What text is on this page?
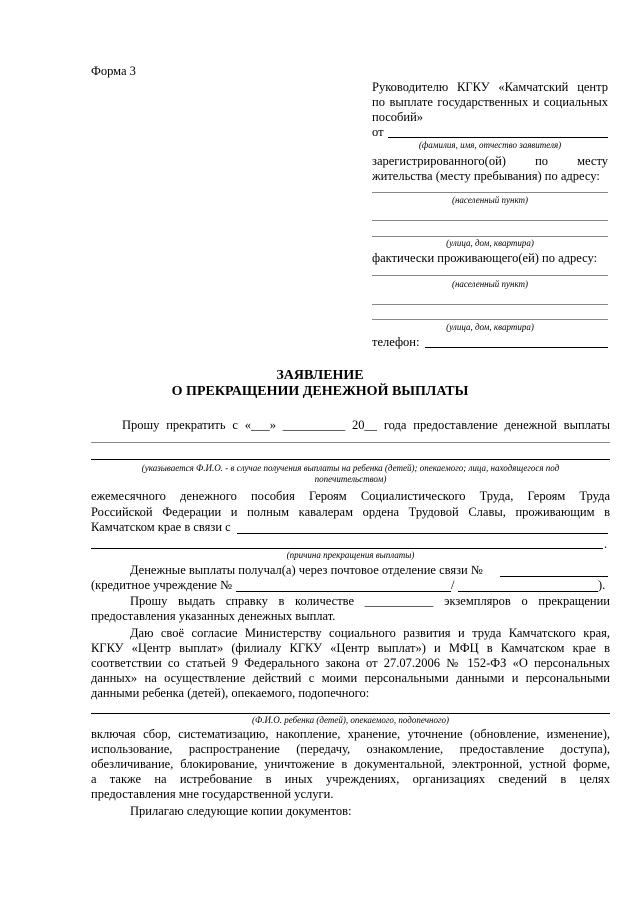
Форма 3
Руководителю КГКУ «Камчатский центр
по выплате государственных и социальных
пособий»
от
(фамилия, имя, отчество заявителя)
зарегистрированного(ой) по месту
жительства (месту пребывания) по адресу:
(населенный пункт)
(улица, дом, квартира)
фактически проживающего(ей) по адресу:
(населенный пункт)
(улица, дом, квартира)
телефон:
ЗАЯВЛЕНИЕ
О ПРЕКРАЩЕНИИ ДЕНЕЖНОЙ ВЫПЛАТЫ
Прошу прекратить с «___» __________ 20__ года предоставление денежной выплаты
(указывается Ф.И.О. - в случае получения выплаты на ребенка (детей); опекаемого; лица, находящегося под
попечительством)
ежемесячного денежного пособия Героям Социалистического Труда, Героям Труда
Российской Федерации и полным кавалерам ордена Трудовой Славы, проживающим в
Камчатском крае в связи с
.
(причина прекращения выплаты)
Денежные выплаты получал(а) через почтовое отделение связи №
(кредитное учреждение №	/	).
Прошу выдать справку в количестве ___________ экземпляров о прекращении
предоставления указанных денежных выплат.
Даю своё согласие Министерству социального развития и труда Камчатского края,
КГКУ «Центр выплат» (филиалу КГКУ «Центр выплат») и МФЦ в Камчатском крае в
соответствии со статьей 9 Федерального закона от 27.07.2006 № 152-ФЗ «О персональных
данных» на осуществление действий с моими персональными данными и персональными
данными ребенка (детей), опекаемого, подопечного:
(Ф.И.О. ребенка (детей), опекаемого, подопечного)
включая сбор, систематизацию, накопление, хранение, уточнение (обновление, изменение),
использование, распространение (передачу, ознакомление, предоставление доступа),
обезличивание, блокирование, уничтожение в документальной, электронной, устной форме,
а также на истребование в иных учреждениях, организациях сведений в целях
предоставления мне государственной услуги.
Прилагаю следующие копии документов:
